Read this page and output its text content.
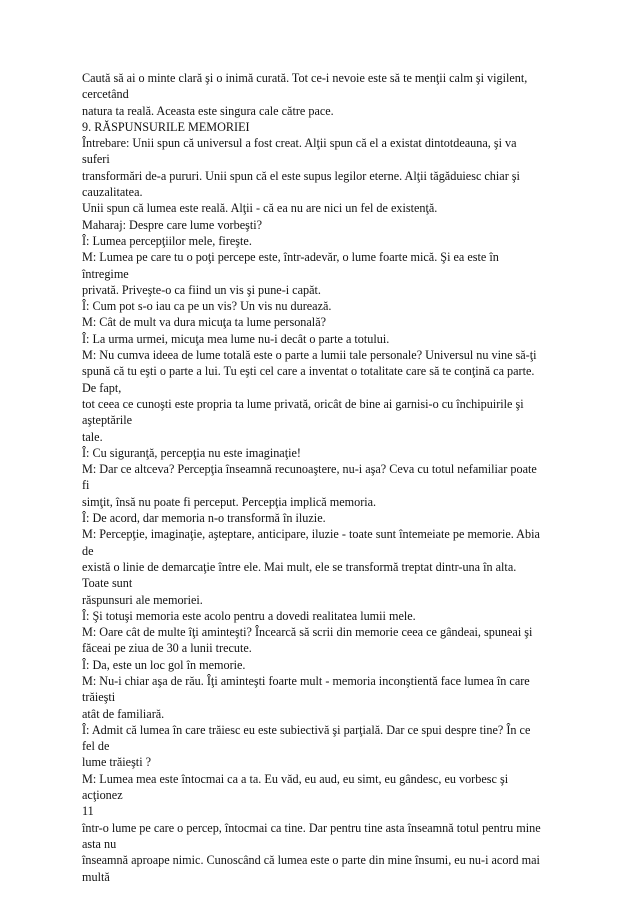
Caută să ai o minte clară şi o inimă curată. Tot ce-i nevoie este să te menţii calm şi vigilent,
cercetând
natura ta reală. Aceasta este singura cale către pace.
9. RĂSPUNSURILE MEMORIEI
Întrebare: Unii spun că universul a fost creat. Alţii spun că el a existat dintotdeauna, şi va
suferi
transformări de-a pururi. Unii spun că el este supus legilor eterne. Alţii tăgăduiesc chiar şi
cauzalitatea.
Unii spun că lumea este reală. Alţii - că ea nu are nici un fel de existenţă.
Maharaj: Despre care lume vorbeşti?
Î: Lumea percepţiilor mele, fireşte.
M: Lumea pe care tu o poţi percepe este, într-adevăr, o lume foarte mică. Şi ea este în
întregime
privată. Priveşte-o ca fiind un vis şi pune-i capăt.
Î: Cum pot s-o iau ca pe un vis? Un vis nu durează.
M: Cât de mult va dura micuţa ta lume personală?
Î: La urma urmei, micuţa mea lume nu-i decât o parte a totului.
M: Nu cumva ideea de lume totală este o parte a lumii tale personale? Universul nu vine să-ţi
spună că tu eşti o parte a lui. Tu eşti cel care a inventat o totalitate care să te conţină ca parte.
De fapt,
tot ceea ce cunoşti este propria ta lume privată, oricât de bine ai garnisi-o cu închipuirile şi
aşteptările
tale.
Î: Cu siguranţă, percepţia nu este imaginaţie!
M: Dar ce altceva? Percepţia înseamnă recunoaştere, nu-i aşa? Ceva cu totul nefamiliar poate
fi
simţit, însă nu poate fi perceput. Percepţia implică memoria.
Î: De acord, dar memoria n-o transformă în iluzie.
M: Percepţie, imaginaţie, aşteptare, anticipare, iluzie - toate sunt întemeiate pe memorie. Abia
de
există o linie de demarcaţie între ele. Mai mult, ele se transformă treptat dintr-una în alta.
Toate sunt
răspunsuri ale memoriei.
Î: Şi totuşi memoria este acolo pentru a dovedi realitatea lumii mele.
M: Oare cât de multe îţi aminteşti? Încearcă să scrii din memorie ceea ce gândeai, spuneai şi
făceai pe ziua de 30 a lunii trecute.
Î: Da, este un loc gol în memorie.
M: Nu-i chiar aşa de rău. Îţi aminteşti foarte mult - memoria inconştientă face lumea în care
trăieşti
atât de familiară.
Î: Admit că lumea în care trăiesc eu este subiectivă şi parţială. Dar ce spui despre tine? În ce
fel de
lume trăieşti ?
M: Lumea mea este întocmai ca a ta. Eu văd, eu aud, eu simt, eu gândesc, eu vorbesc şi
acţionez
11
într-o lume pe care o percep, întocmai ca tine. Dar pentru tine asta înseamnă totul pentru mine
asta nu
înseamnă aproape nimic. Cunoscând că lumea este o parte din mine însumi, eu nu-i acord mai
multă
